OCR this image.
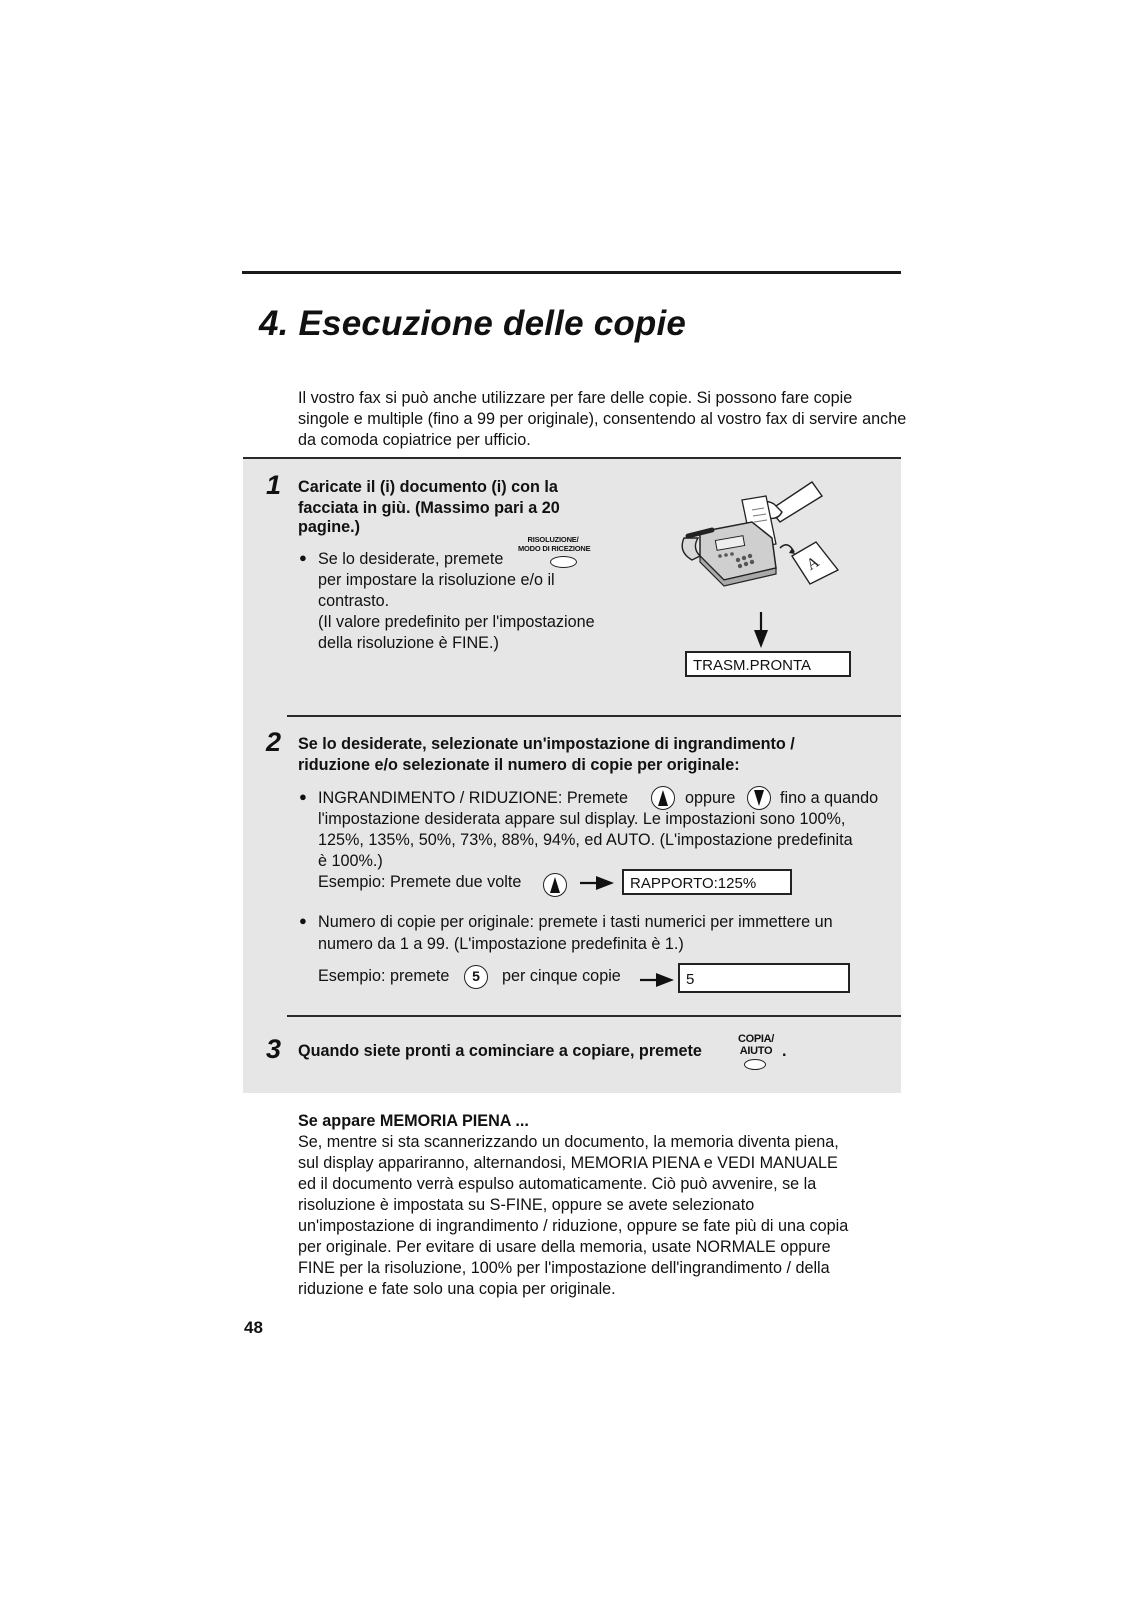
4. Esecuzione delle copie
Il vostro fax si può anche utilizzare per fare delle copie. Si possono fare copie singole e multiple (fino a 99 per originale), consentendo al vostro fax di servire anche da comoda copiatrice per ufficio.
1 Caricate il (i) documento (i) con la
facciata in giù. (Massimo pari a 20
pagine.)
● Se lo desiderate, premete
RISOLUZIONE/
MODO DI RICEZIONE
per impostare la risoluzione e/o il
contrasto.
(Il valore predefinito per l'impostazione
della risoluzione è FINE.)
A
TRASM.PRONTA
2 Se lo desiderate, selezionate un'impostazione di ingrandimento /
riduzione e/o selezionate il numero di copie per originale:
● INGRANDIMENTO / RIDUZIONE: Premete	oppure	fino a quando
l'impostazione desiderata appare sul display. Le impostazioni sono 100%,
125%, 135%, 50%, 73%, 88%, 94%, ed AUTO. (L'impostazione predefinita
è 100%.)
Esempio: Premete due volte	RAPPORTO:125%
● Numero di copie per originale: premete i tasti numerici per immettere un
numero da 1 a 99. (L'impostazione predefinita è 1.)
Esempio: premete	5	per cinque copie	5
3 Quando siete pronti a cominciare a copiare, premete
COPIA/
AIUTO .
Se appare MEMORIA PIENA ...
Se, mentre si sta scannerizzando un documento, la memoria diventa piena,
sul display appariranno, alternandosi, MEMORIA PIENA e VEDI MANUALE
ed il documento verrà espulso automaticamente. Ciò può avvenire, se la
risoluzione è impostata su S-FINE, oppure se avete selezionato
un'impostazione di ingrandimento / riduzione, oppure se fate più di una copia
per originale. Per evitare di usare della memoria, usate NORMALE oppure
FINE per la risoluzione, 100% per l'impostazione dell'ingrandimento / della
riduzione e fate solo una copia per originale.
48
